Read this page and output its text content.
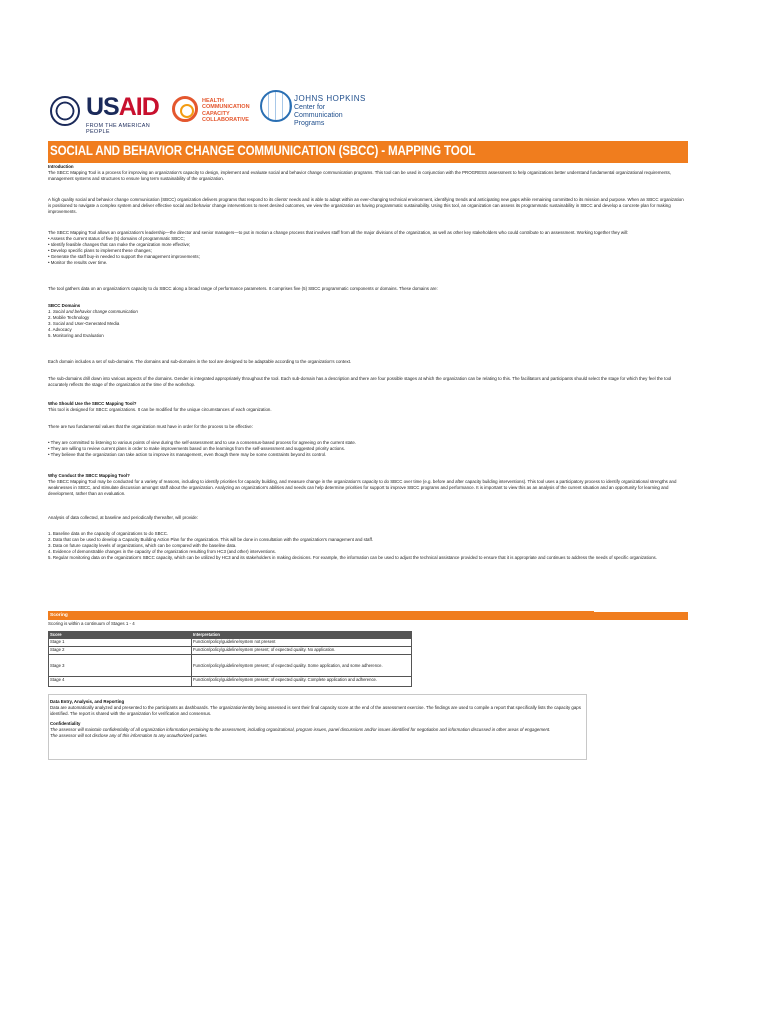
USAID
FROM THE AMERICAN PEOPLE
HEALTH
COMMUNICATION
CAPACITY
COLLABORATIVE
JOHNS HOPKINS
Center for Communication
Programs
SOCIAL AND BEHAVIOR CHANGE COMMUNICATION (SBCC) - MAPPING TOOL

Introduction

The SBCC Mapping Tool is a process for improving an organization's capacity to design, implement and evaluate social and behavior change communication programs. This tool can be used in conjunction with the PROGRESS assessment to help organizations better understand fundamental organizational requirements, management systems and structures to ensure long term sustainability of the organization.

A high quality social and behavior change communication (SBCC) organization delivers programs that respond to its clients' needs and is able to adapt within an ever-changing technical environment, identifying trends and anticipating new gaps while remaining committed to its mission and purpose. When an SBCC organization is positioned to navigate a complex system and deliver effective social and behavior change interventions to meet desired outcomes, we view the organization as having programmatic sustainability. Using this tool, an organization can assess its programmatic sustainability in SBCC and develop a concrete plan for making improvements.

The SBCC Mapping Tool allows an organization's leadership—the director and senior managers—to put in motion a change process that involves staff from all the major divisions of the organization, as well as other key stakeholders who could contribute to an assessment. Working together they will:

• Assess the current status of five (5) domains of programmatic SBCC;

• Identify feasible changes that can make the organization more effective;

• Develop specific plans to implement these changes;

• Generate the staff buy-in needed to support the management improvements;

• Monitor the results over time.

The tool gathers data on an organization's capacity to do SBCC along a broad range of performance parameters. It comprises five (5) SBCC programmatic components or domains. These domains are:

SBCC Domains

1. Social and behavior change communication

2. Mobile Technology

3. Social and User-Generated Media

4. Advocacy

5. Monitoring and Evaluation

Each domain includes a set of sub-domains. The domains and sub-domains in the tool are designed to be adaptable according to the organization's context.

The sub-domains drill down into various aspects of the domains. Gender is integrated appropriately throughout the tool. Each sub-domain has a description and there are four possible stages at which the organization can be relating to this. The facilitators and participants should select the stage for which they feel the tool accurately reflects the stage of the organization at the time of the workshop.

Who Should Use the SBCC Mapping Tool?

This tool is designed for SBCC organizations. It can be modified for the unique circumstances of each organization.

There are two fundamental values that the organization must have in order for the process to be effective:

• They are committed to listening to various points of view during the self-assessment and to use a consensus-based process for agreeing on the current state.

• They are willing to review current plans in order to make improvements based on the learnings from the self-assessment and suggested priority actions.

• They believe that the organization can take action to improve its management, even though there may be some constraints beyond its control.

Why Conduct the SBCC Mapping Tool?

The SBCC Mapping Tool may be conducted for a variety of reasons, including to identify priorities for capacity building, and measure change in the organization's capacity to do SBCC over time (e.g. before and after capacity building interventions). This tool uses a participatory process to identify organizational strengths and weaknesses in SBCC, and stimulate discussion amongst staff about the organization. Analyzing an organization's abilities and needs can help determine priorities for support to improve SBCC programs and performance. It is important to view this as an analysis of the current situation and an opportunity for learning and development, rather than an evaluation.

Analysis of data collected, at baseline and periodically thereafter, will provide:

1. Baseline data on the capacity of organizations to do SBCC.

2. Data that can be used to develop a Capacity Building Action Plan for the organization. This will be done in consultation with the organization's management and staff.

3. Data on future capacity levels of organizations, which can be compared with the baseline data.

4. Evidence of demonstrable changes in the capacity of the organization resulting from HC3 (and other) interventions.

5. Regular monitoring data on the organization's SBCC capacity, which can be utilized by HC3 and its stakeholders in making decisions. For example, the information can be used to adjust the technical assistance provided to ensure that it is appropriate and continues to address the needs of specific organizations.

Scoring
Scoring is within a continuum of Stages 1 - 4
Score	Interpretation
Stage 1	Function/policy/guideline/system not present
Stage 2	Function/policy/guideline/system present; of expected quality. No application.
Stage 3	Function/policy/guideline/system present; of expected quality. Some application, and some adherence.
Stage 4	Function/policy/guideline/system present; of expected quality. Complete application and adherence.

Data Entry, Analysis, and Reporting

Data are automatically analyzed and presented to the participants as dashboards. The organization/entity being assessed is sent their final capacity score at the end of the assessment exercise. The findings are used to compile a report that specifically lists the capacity gaps identified. The report is shared with the organization for verification and consensus.

Confidentiality

The assessor will maintain confidentiality of all organization information pertaining to the assessment, including organizational, program issues, panel discussions and/or issues identified for negotiation and information discussed in other areas of engagement.

The assessor will not disclose any of this information to any unauthorized parties.
